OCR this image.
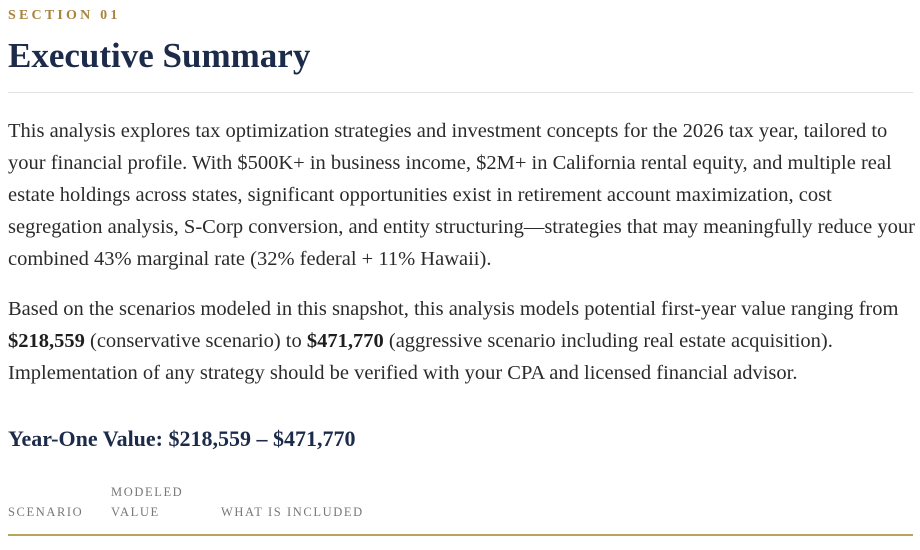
SECTION 01
Executive Summary

This analysis explores tax optimization strategies and investment concepts for the 2026 tax year, tailored to your financial profile. With $500K+ in business income, $2M+ in California rental equity, and multiple real estate holdings across states, significant opportunities exist in retirement account maximization, cost segregation analysis, S-Corp conversion, and entity structuring—strategies that may meaningfully reduce your combined 43% marginal rate (32% federal + 11% Hawaii).

Based on the scenarios modeled in this snapshot, this analysis models potential first-year value ranging from $218,559 (conservative scenario) to $471,770 (aggressive scenario including real estate acquisition). Implementation of any strategy should be verified with your CPA and licensed financial advisor.

Year-One Value: $218,559 – $471,770
SCENARIO
MODELED VALUE	WHAT IS INCLUDED
